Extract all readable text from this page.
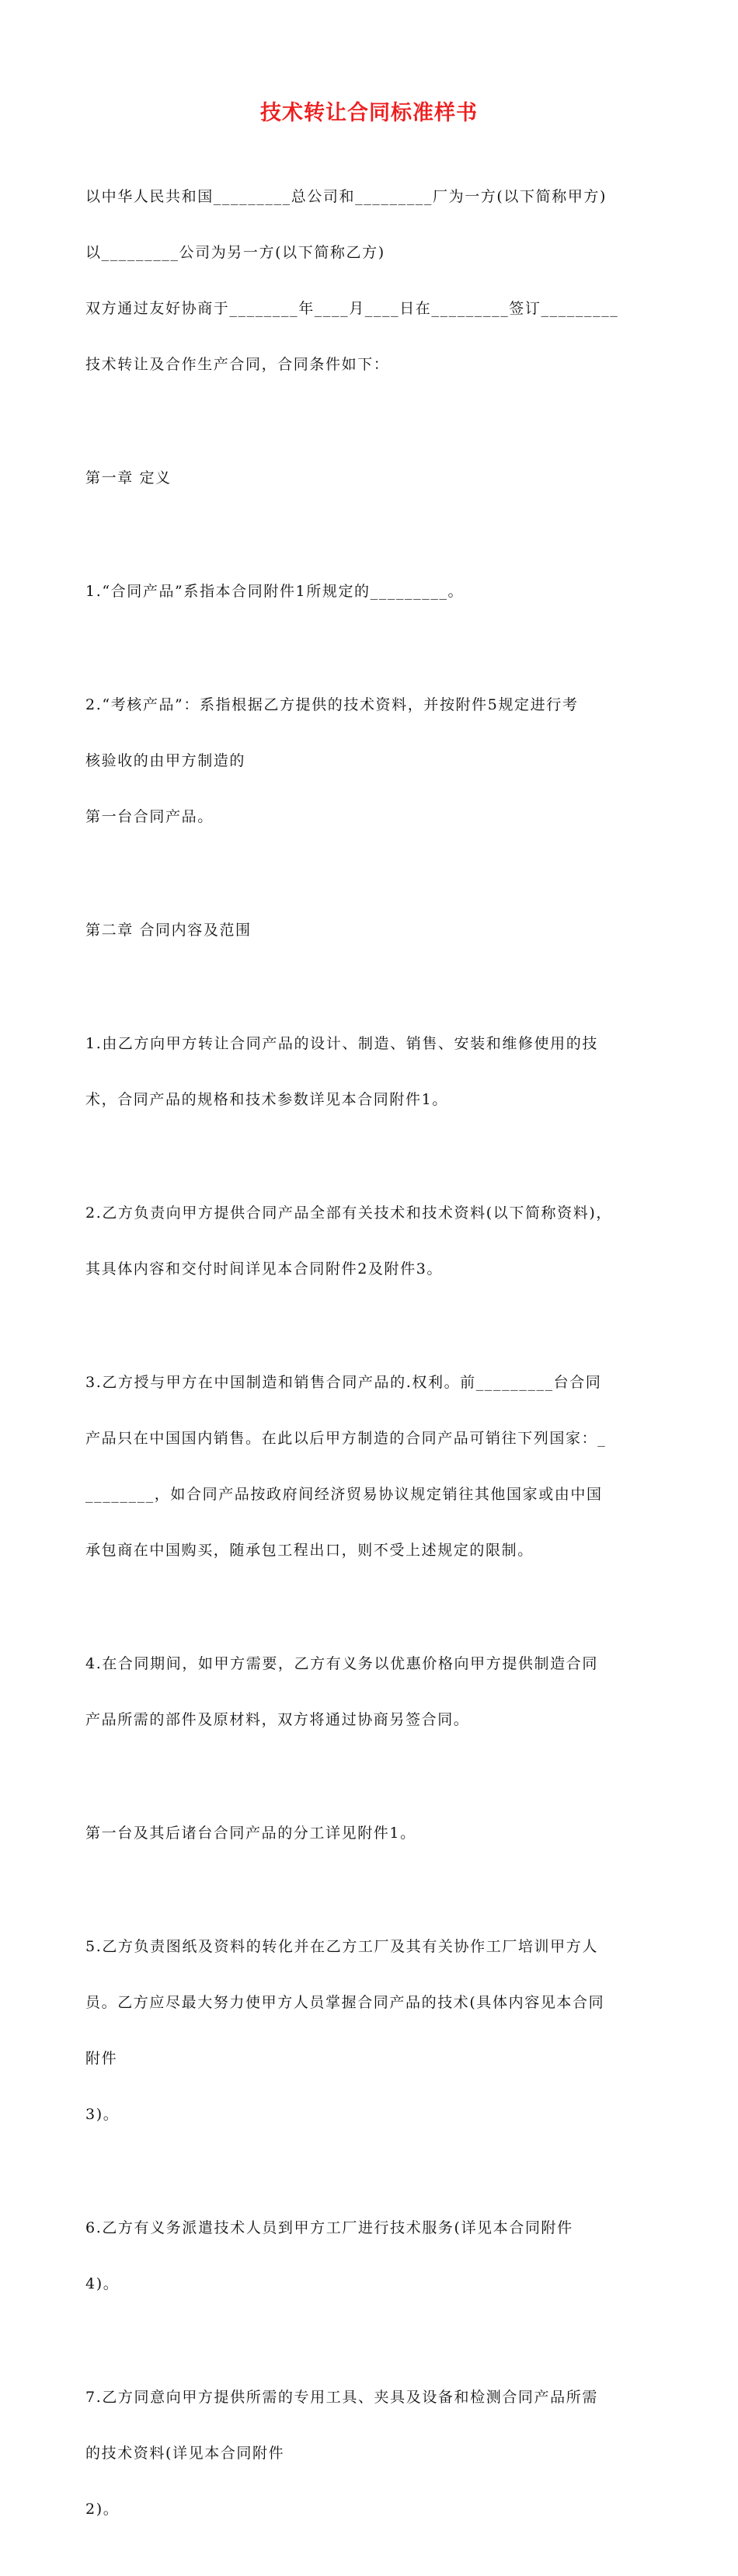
技术转让合同标准样书

以中华人民共和国_________总公司和_________厂为一方(以下简称甲方)

以_________公司为另一方(以下简称乙方)

双方通过友好协商于________年____月____日在_________签订_________

技术转让及合作生产合同，合同条件如下：

第一章 定义

1.“合同产品”系指本合同附件1所规定的_________。

2.“考核产品”：系指根据乙方提供的技术资料，并按附件5规定进行考

核验收的由甲方制造的

第一台合同产品。

第二章 合同内容及范围

1.由乙方向甲方转让合同产品的设计、制造、销售、安装和维修使用的技

术，合同产品的规格和技术参数详见本合同附件1。

2.乙方负责向甲方提供合同产品全部有关技术和技术资料(以下简称资料)，

其具体内容和交付时间详见本合同附件2及附件3。

3.乙方授与甲方在中国制造和销售合同产品的.权利。前_________台合同

产品只在中国国内销售。在此以后甲方制造的合同产品可销往下列国家：_

________，如合同产品按政府间经济贸易协议规定销往其他国家或由中国

承包商在中国购买，随承包工程出口，则不受上述规定的限制。

4.在合同期间，如甲方需要，乙方有义务以优惠价格向甲方提供制造合同

产品所需的部件及原材料，双方将通过协商另签合同。

第一台及其后诸台合同产品的分工详见附件1。

5.乙方负责图纸及资料的转化并在乙方工厂及其有关协作工厂培训甲方人

员。乙方应尽最大努力使甲方人员掌握合同产品的技术(具体内容见本合同

附件

3)。

6.乙方有义务派遣技术人员到甲方工厂进行技术服务(详见本合同附件

4)。

7.乙方同意向甲方提供所需的专用工具、夹具及设备和检测合同产品所需

的技术资料(详见本合同附件

2)。
